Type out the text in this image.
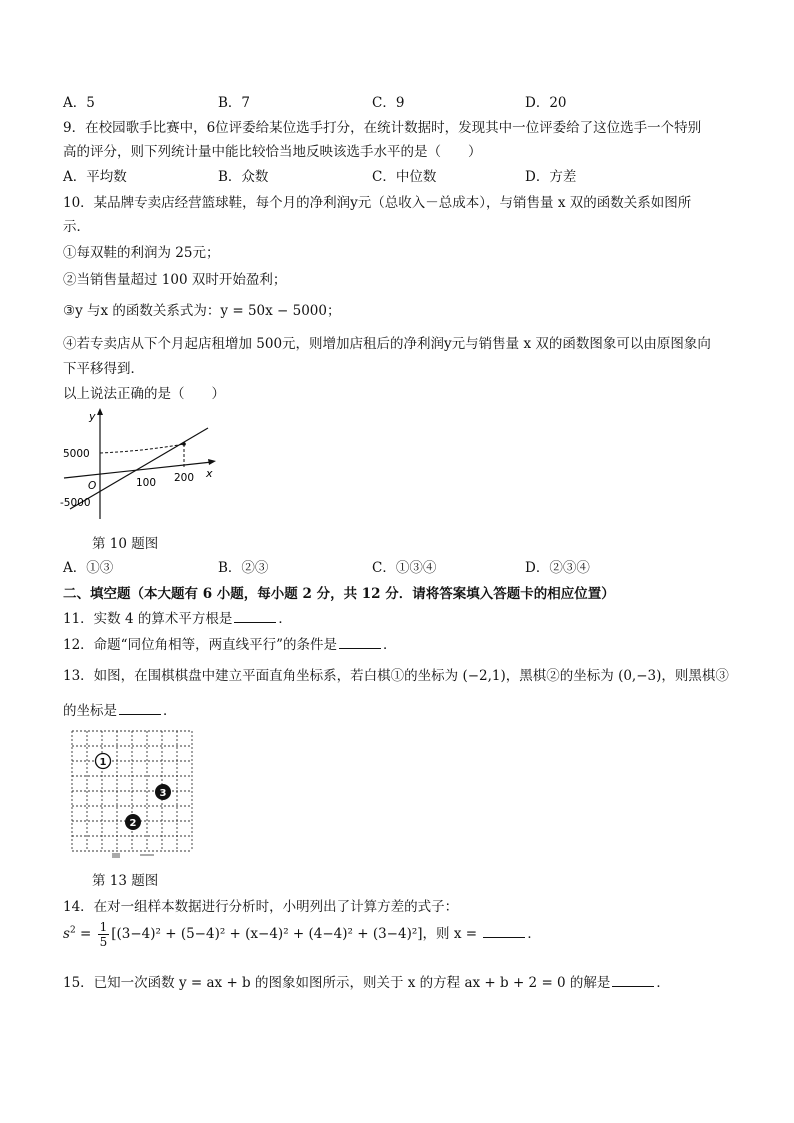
A．5	B．7	C．9	D．20
9．在校园歌手比赛中，6位评委给某位选手打分，在统计数据时，发现其中一位评委给了这位选手一个特别
高的评分，则下列统计量中能比较恰当地反映该选手水平的是（　　）
A．平均数	B．众数	C．中位数	D．方差
10．某品牌专卖店经营篮球鞋，每个月的净利润y元（总收入－总成本），与销售量 x 双的函数关系如图所
示．
①每双鞋的利润为 25元；
②当销售量超过 100 双时开始盈利；
③y 与x 的函数关系式为：y = 50x − 5000；
④若专卖店从下个月起店租增加 500元，则增加店租后的净利润y元与销售量 x 双的函数图象可以由原图象向
下平移得到．
以上说法正确的是（　　）
y
x
5000
O
-5000
100 200
第 10 题图
A．①③	B．②③	C．①③④	D．②③④
二、填空题（本大题有 6 小题，每小题 2 分，共 12 分．请将答案填入答题卡的相应位置）
11．实数 4 的算术平方根是	．
12．命题“同位角相等，两直线平行”的条件是	．
13．如图，在围棋棋盘中建立平面直角坐标系，若白棋①的坐标为 (−2,1)，黑棋②的坐标为 (0,−3)，则黑棋③
的坐标是	．
1
3
2
第 13 题图
14．在对一组样本数据进行分析时，小明列出了计算方差的式子：
$s^2 = \frac{1}{5} [(3-4)^2 + (5-4)^2 + (x-4)^2 + (4-4)^2 + (3-4)^2]$，则 x =	．
15．已知一次函数 y = ax + b 的图象如图所示，则关于 x 的方程 ax + b + 2 = 0 的解是	．
